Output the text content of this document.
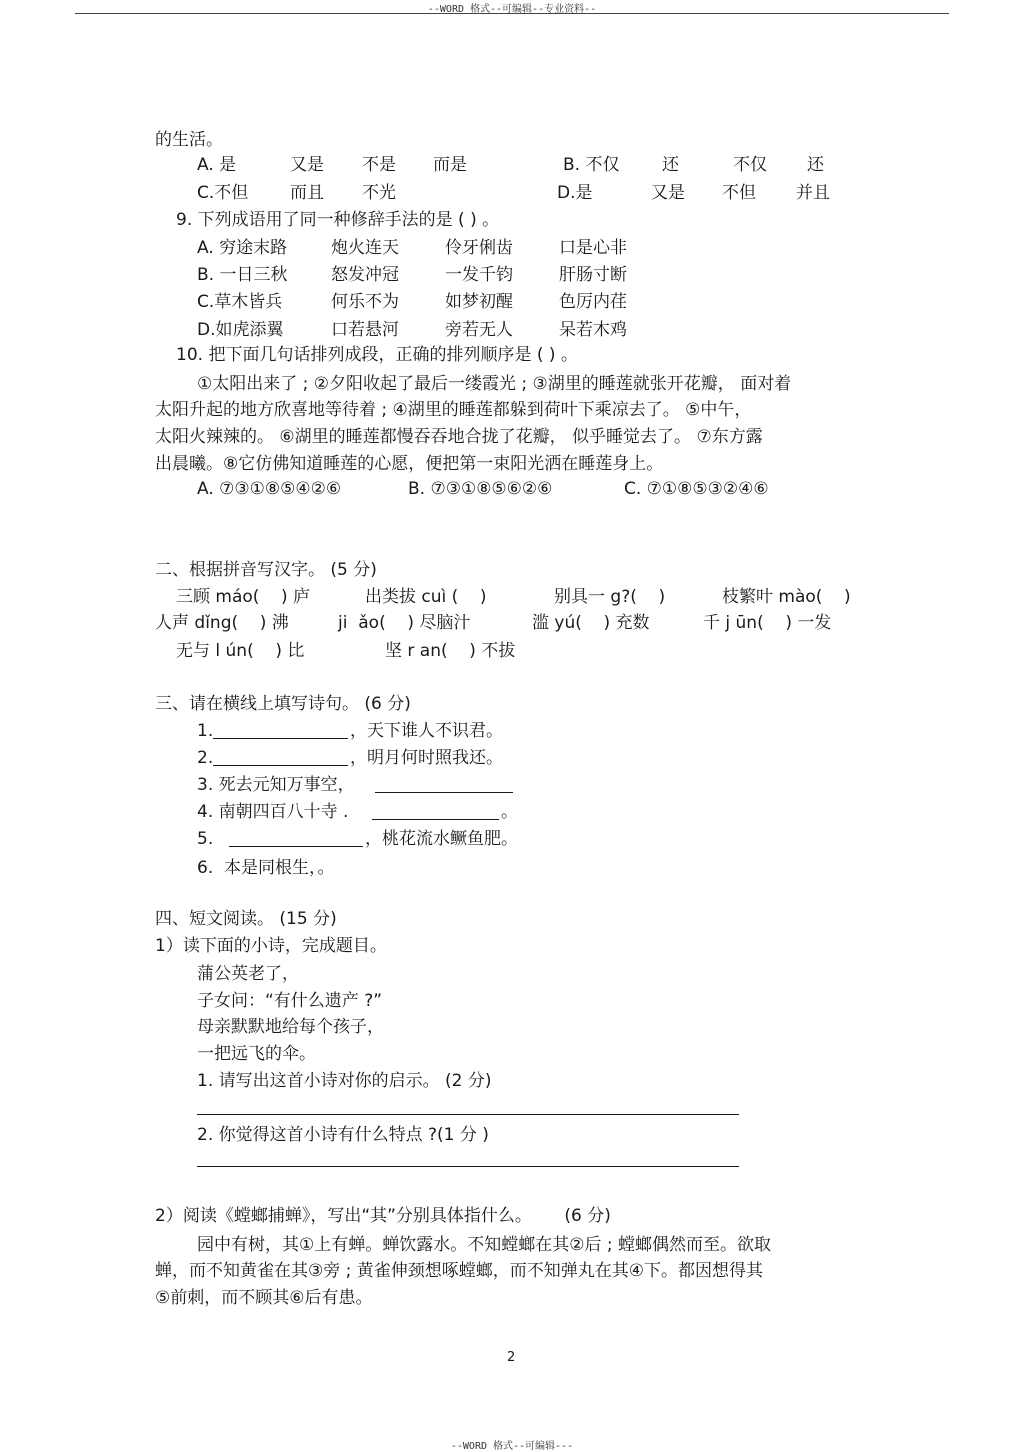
--WORD 格式--可编辑--专业资料--
的生活。
A. 是	又是 不是 而是	B. 不仅	还	不仅 还
C.不但 而且 不光	D.是	又是 不但 并且
9. 下列成语用了同一种修辞手法的是 ( ) 。
A. 穷途末路	炮火连天	伶牙俐齿	口是心非
B. 一日三秋	怒发冲冠	一发千钧	肝肠寸断
C.草木皆兵	何乐不为	如梦初醒	色厉内荏
D.如虎添翼	口若悬河	旁若无人	呆若木鸡
10. 把下面几句话排列成段，正确的排列顺序是 ( ) 。
①太阳出来了 ; ②夕阳收起了最后一缕霞光 ; ③湖里的睡莲就张开花瓣， 面对着
太阳升起的地方欣喜地等待着 ; ④湖里的睡莲都躲到荷叶下乘凉去了。 ⑤中午，
太阳火辣辣的。 ⑥湖里的睡莲都慢吞吞地合拢了花瓣， 似乎睡觉去了。 ⑦东方露
出晨曦。⑧它仿佛知道睡莲的心愿，便把第一束阳光洒在睡莲身上。
A. ⑦③①⑧⑤④②⑥	B. ⑦③①⑧⑤⑥②⑥	C. ⑦①⑧⑤③②④⑥
二、根据拼音写汉字。 (5 分)
三顾 máo(    ) 庐	出类拔 cuì (    )	别具一 g?(    )	枝繁叶 mào(    )
人声 dǐng(    ) 沸	ji  ǎo(    ) 尽脑汁	滥 yú(    ) 充数	千 j ūn(    ) 一发
无与 l ún(    ) 比	坚 r an(    ) 不拔
三、请在横线上填写诗句。 (6 分)
1.	，天下谁人不识君。
2.	，明月何时照我还。
3. 死去元知万事空，
4. 南朝四百八十寺 .	。
5.	，桃花流水鳜鱼肥。
6.  本是同根生，。
四、短文阅读。 (15 分)
1）读下面的小诗，完成题目。
蒲公英老了，
子女问：“有什么遗产 ?”
母亲默默地给每个孩子，
一把远飞的伞。
1. 请写出这首小诗对你的启示。 (2 分)
2. 你觉得这首小诗有什么特点 ?(1 分 )
2）阅读《螳螂捕蝉》，写出“其”分别具体指什么。      (6 分)
园中有树，其①上有蝉。蝉饮露水。不知螳螂在其②后 ; 螳螂偶然而至。欲取
蝉，而不知黄雀在其③旁 ; 黄雀伸颈想啄螳螂，而不知弹丸在其④下。都因想得其
⑤前刺，而不顾其⑥后有患。
2
--WORD 格式--可编辑---
